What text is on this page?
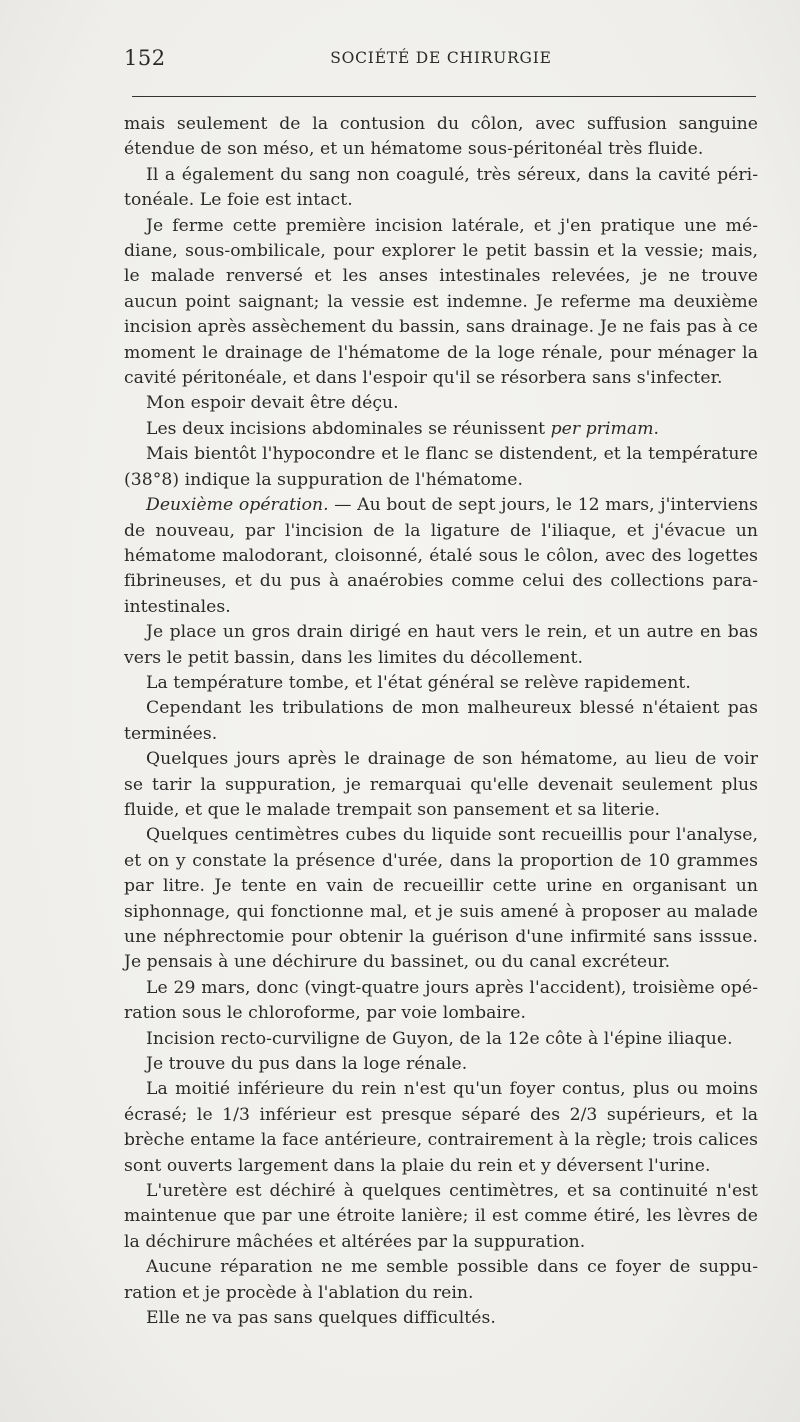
152	SOCIÉTÉ DE CHIRURGIE

mais seulement de la contusion du côlon, avec suffusion sanguine étendue de son méso, et un hématome sous-péritonéal très fluide.

Il a également du sang non coagulé, très séreux, dans la cavité péritonéale. Le foie est intact.

Je ferme cette première incision latérale, et j'en pratique une médiane, sous-ombilicale, pour explorer le petit bassin et la vessie; mais, le malade renversé et les anses intestinales relevées, je ne trouve aucun point saignant; la vessie est indemne. Je referme ma deuxième incision après assèchement du bassin, sans drainage. Je ne fais pas à ce moment le drainage de l'hématome de la loge rénale, pour ménager la cavité péritonéale, et dans l'espoir qu'il se résorbera sans s'infecter.

Mon espoir devait être déçu.

Les deux incisions abdominales se réunissent per primam.

Mais bientôt l'hypocondre et le flanc se distendent, et la température (38°8) indique la suppuration de l'hématome.

Deuxième opération. — Au bout de sept jours, le 12 mars, j'interviens de nouveau, par l'incision de la ligature de l'iliaque, et j'évacue un hématome malodorant, cloisonné, étalé sous le côlon, avec des logettes fibrineuses, et du pus à anaérobies comme celui des collections paraintestinales.

Je place un gros drain dirigé en haut vers le rein, et un autre en bas vers le petit bassin, dans les limites du décollement.

La température tombe, et l'état général se relève rapidement.

Cependant les tribulations de mon malheureux blessé n'étaient pas terminées.

Quelques jours après le drainage de son hématome, au lieu de voir se tarir la suppuration, je remarquai qu'elle devenait seulement plus fluide, et que le malade trempait son pansement et sa literie.

Quelques centimètres cubes du liquide sont recueillis pour l'analyse, et on y constate la présence d'urée, dans la proportion de 10 grammes par litre. Je tente en vain de recueillir cette urine en organisant un siphonnage, qui fonctionne mal, et je suis amené à proposer au malade une néphrectomie pour obtenir la guérison d'une infirmité sans isssue. Je pensais à une déchirure du bassinet, ou du canal excréteur.

Le 29 mars, donc (vingt-quatre jours après l'accident), troisième opération sous le chloroforme, par voie lombaire.

Incision recto-curviligne de Guyon, de la 12e côte à l'épine iliaque.

Je trouve du pus dans la loge rénale.

La moitié inférieure du rein n'est qu'un foyer contus, plus ou moins écrasé; le 1/3 inférieur est presque séparé des 2/3 supérieurs, et la brèche entame la face antérieure, contrairement à la règle; trois calices sont ouverts largement dans la plaie du rein et y déversent l'urine.

L'uretère est déchiré à quelques centimètres, et sa continuité n'est maintenue que par une étroite lanière; il est comme étiré, les lèvres de la déchirure mâchées et altérées par la suppuration.

Aucune réparation ne me semble possible dans ce foyer de suppuration et je procède à l'ablation du rein.

Elle ne va pas sans quelques difficultés.
